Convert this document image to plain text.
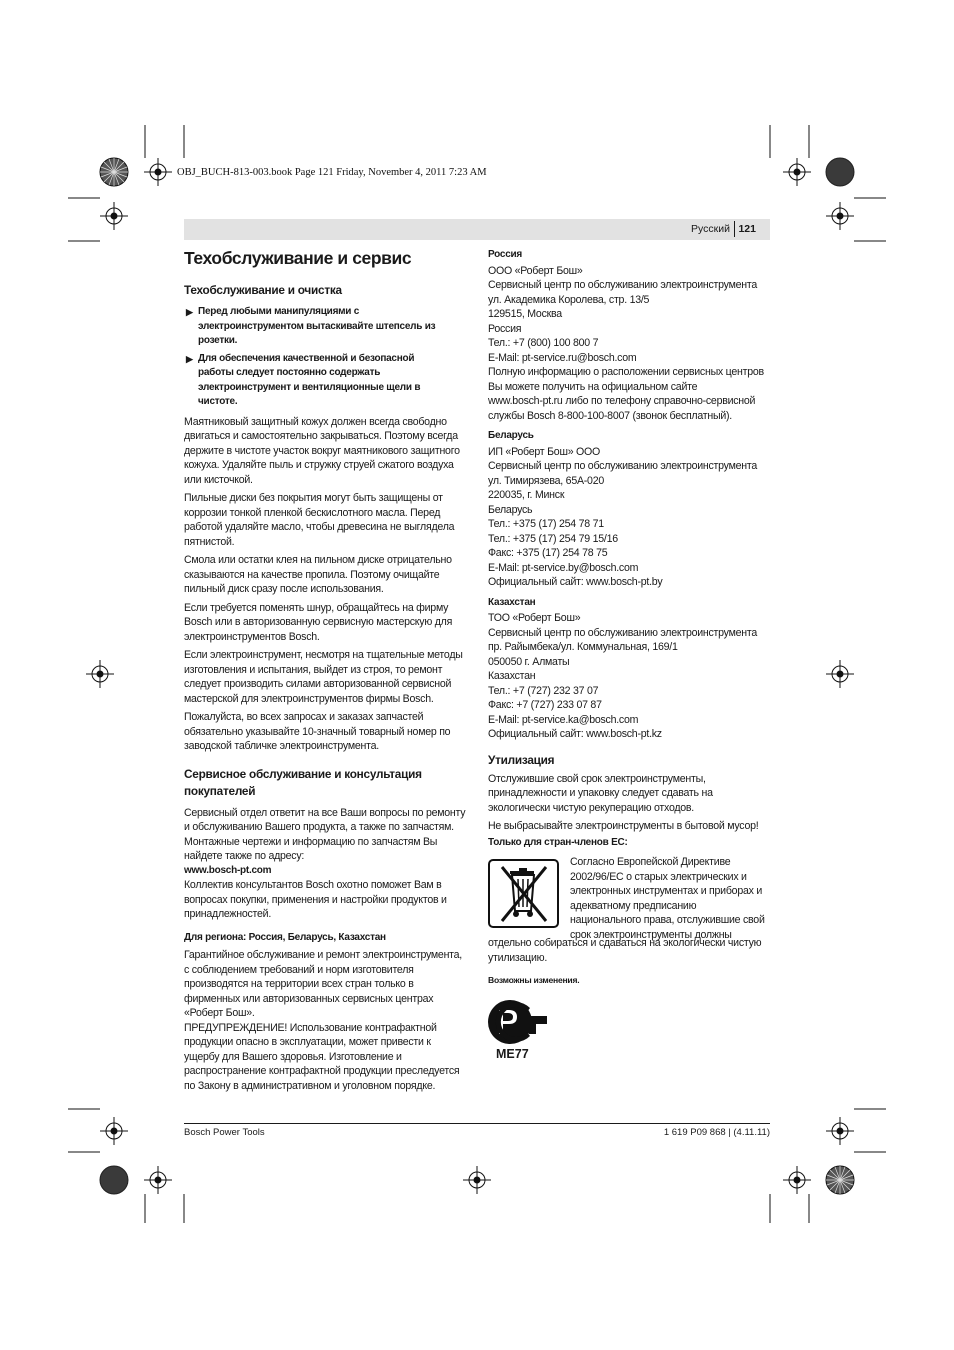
OBJ_BUCH-813-003.book Page 121 Friday, November 4, 2011 7:23 AM
Русский 121
Техобслуживание и сервис
Техобслуживание и очистка
▶ Перед любыми манипуляциями с
электроинструментом вытаскивайте штепсель из
розетки.
▶ Для обеспечения качественной и безопасной
работы следует постоянно содержать
электроинструмент и вентиляционные щели в
чистоте.

Маятниковый защитный кожух должен всегда свободно
двигаться и самостоятельно закрываться. Поэтому всегда
держите в чистоте участок вокруг маятникового защитного
кожуха. Удаляйте пыль и стружку струей сжатого воздуха
или кисточкой.

Пильные диски без покрытия могут быть защищены от
коррозии тонкой пленкой бескислотного масла. Перед
работой удаляйте масло, чтобы древесина не выглядела
пятнистой.

Смола или остатки клея на пильном диске отрицательно
сказываются на качестве пропила. Поэтому очищайте
пильный диск сразу после использования.

Если требуется поменять шнур, обращайтесь на фирму
Bosch или в авторизованную сервисную мастерскую для
электроинструментов Bosch.

Если электроинструмент, несмотря на тщательные методы
изготовления и испытания, выйдет из строя, то ремонт
следует производить силами авторизованной сервисной
мастерской для электроинструментов фирмы Bosch.

Пожалуйста, во всех запросах и заказах запчастей
обязательно указывайте 10-значный товарный номер по
заводской табличке электроинструмента.

Сервисное обслуживание и консультация
покупателей

Сервисный отдел ответит на все Ваши вопросы по ремонту
и обслуживанию Вашего продукта, а также по запчастям.
Монтажные чертежи и информацию по запчастям Вы
найдете также по адресу:

www.bosch-pt.com

Коллектив консультантов Bosch охотно поможет Вам в
вопросах покупки, применения и настройки продуктов и
принадлежностей.

Для региона: Россия, Беларусь, Казахстан

Гарантийное обслуживание и ремонт электроинструмента,
с соблюдением требований и норм изготовителя
производятся на территории всех стран только в
фирменных или авторизованных сервисных центрах
«Роберт Бош».

ПРЕДУПРЕЖДЕНИЕ! Использование контрафактной
продукции опасно в эксплуатации, может привести к
ущербу для Вашего здоровья. Изготовление и
распространение контрафактной продукции преследуется
по Закону в административном и уголовном порядке.

Россия
ООО «Роберт Бош»
Сервисный центр по обслуживанию электроинструмента
ул. Академика Королева, стр. 13/5
129515, Москва
Россия
Тел.: +7 (800) 100 800 7
E-Mail: pt-service.ru@bosch.com
Полную информацию о расположении сервисных центров
Вы можете получить на официальном сайте
www.bosch-pt.ru либо по телефону справочно-сервисной
службы Bosch 8-800-100-8007 (звонок бесплатный).
Беларусь
ИП «Роберт Бош» ООО
Сервисный центр по обслуживанию электроинструмента
ул. Тимирязева, 65А-020
220035, г. Минск
Беларусь
Тел.: +375 (17) 254 78 71
Тел.: +375 (17) 254 79 15/16
Факс: +375 (17) 254 78 75
E-Mail: pt-service.by@bosch.com
Официальный сайт: www.bosch-pt.by
Казахстан
ТОО «Роберт Бош»
Сервисный центр по обслуживанию электроинструмента
пр. Райымбека/ул. Коммунальная, 169/1
050050 г. Алматы
Казахстан
Тел.: +7 (727) 232 37 07
Факс: +7 (727) 233 07 87
E-Mail: pt-service.ka@bosch.com
Официальный сайт: www.bosch-pt.kz
Утилизация

Отслужившие свой срок электроинструменты,
принадлежности и упаковку следует сдавать на
экологически чистую рекуперацию отходов.

Не выбрасывайте электроинструменты в бытовой мусор!

Только для стран-членов ЕС:
отдельно собираться и сдаваться на экологически чистую
утилизацию.
Возможны изменения.
Согласно Европейской Директиве
2002/96/ЕС о старых электрических и
электронных инструментах и приборах и
адекватному предписанию
национального права, отслужившие свой
срок электроинструменты должны
МЕ77
Bosch Power Tools	1 619 P09 868 | (4.11.11)
